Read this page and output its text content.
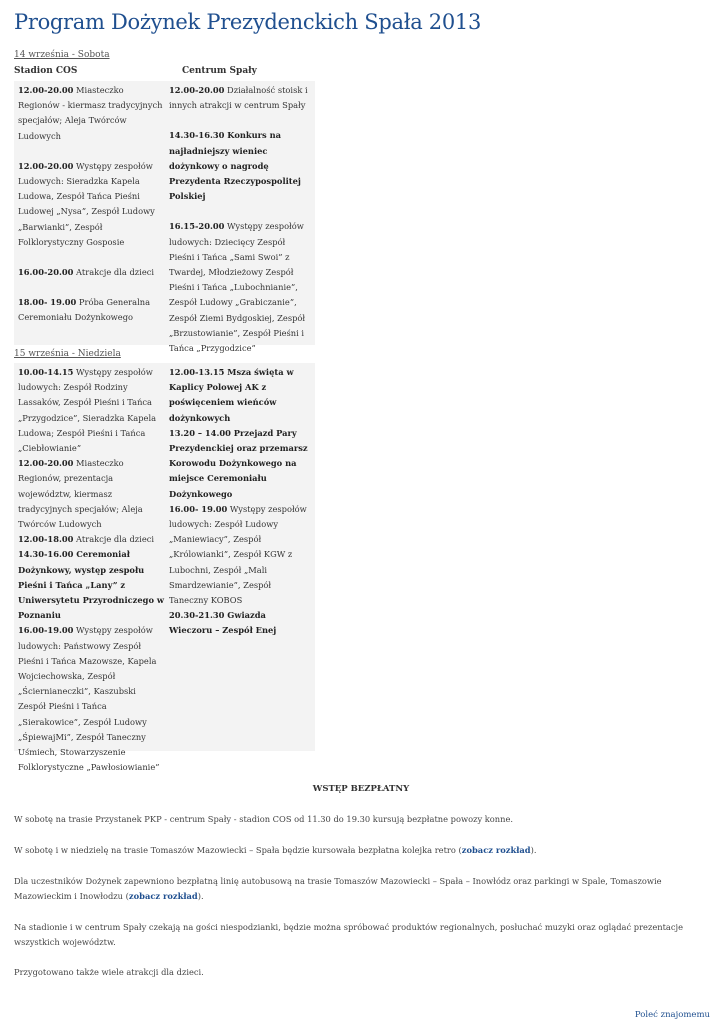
Program Dożynek Prezydenckich Spała 2013
14 września - Sobota
Stadion COS	Centrum Spały

12.00-20.00 Miasteczko Regionów - kiermasz tradycyjnych specjałów; Aleja Twórców Ludowych

12.00-20.00 Występy zespołów Ludowych: Sieradzka Kapela Ludowa, Zespół Tańca Pieśni Ludowej „Nysa”, Zespół Ludowy „Barwianki”, Zespół Folklorystyczny Gosposie

16.00-20.00 Atrakcje dla dzieci

18.00- 19.00 Próba Generalna Ceremoniału Dożynkowego

12.00-20.00 Działalność stoisk i innych atrakcji w centrum Spały

14.30-16.30 Konkurs na najładniejszy wieniec dożynkowy o nagrodę Prezydenta Rzeczypospolitej Polskiej

16.15-20.00 Występy zespołów ludowych: Dziecięcy Zespół Pieśni i Tańca „Sami Swoi” z Twardej, Młodzieżowy Zespół Pieśni i Tańca „Lubochnianie”, Zespół Ludowy „Grabiczanie”, Zespół Ziemi Bydgoskiej, Zespół „Brzustowianie”, Zespół Pieśni i Tańca „Przygodzice”

15 września - Niedziela

10.00-14.15 Występy zespołów ludowych: Zespół Rodziny Lassaków, Zespół Pieśni i Tańca „Przygodzice”, Sieradzka Kapela Ludowa; Zespół Pieśni i Tańca „Ciebłowianie”

12.00-20.00 Miasteczko Regionów, prezentacja województw, kiermasz tradycyjnych specjałów; Aleja Twórców Ludowych

12.00-18.00 Atrakcje dla dzieci

14.30-16.00 Ceremoniał Dożynkowy, występ zespołu Pieśni i Tańca „Lany” z Uniwersytetu Przyrodniczego w Poznaniu

16.00-19.00 Występy zespołów ludowych: Państwowy Zespół Pieśni i Tańca Mazowsze, Kapela Wojciechowska, Zespół „Ściernianeczki”, Kaszubski Zespół Pieśni i Tańca „Sierakowice”, Zespół Ludowy „ŚpiewajMi”, Zespół Taneczny Uśmiech, Stowarzyszenie Folklorystyczne „Pawłosiowianie”

12.00-13.15 Msza święta w Kaplicy Polowej AK z poświęceniem wieńców dożynkowych

13.20 – 14.00 Przejazd Pary Prezydenckiej oraz przemarsz Korowodu Dożynkowego na miejsce Ceremoniału Dożynkowego

16.00- 19.00 Występy zespołów ludowych: Zespół Ludowy „Maniewiacy”, Zespół „Królowianki”, Zespół KGW z Lubochni, Zespół „Mali Smardzewianie”, Zespół Taneczny KOBOS

20.30-21.30 Gwiazda Wieczoru – Zespół Enej

WSTĘP BEZPŁATNY

W sobotę na trasie Przystanek PKP - centrum Spały - stadion COS od 11.30 do 19.30 kursują bezpłatne powozy konne.

W sobotę i w niedzielę na trasie Tomaszów Mazowiecki – Spała będzie kursowała bezpłatna kolejka retro (zobacz rozkład).

Dla uczestników Dożynek zapewniono bezpłatną linię autobusową na trasie Tomaszów Mazowiecki – Spała – Inowłódz oraz parkingi w Spale, Tomaszowie Mazowieckim i Inowłodzu (zobacz rozkład).

Na stadionie i w centrum Spały czekają na gości niespodzianki, będzie można spróbować produktów regionalnych, posłuchać muzyki oraz oglądać prezentacje wszystkich województw.

Przygotowano także wiele atrakcji dla dzieci.

Poleć znajomemu
